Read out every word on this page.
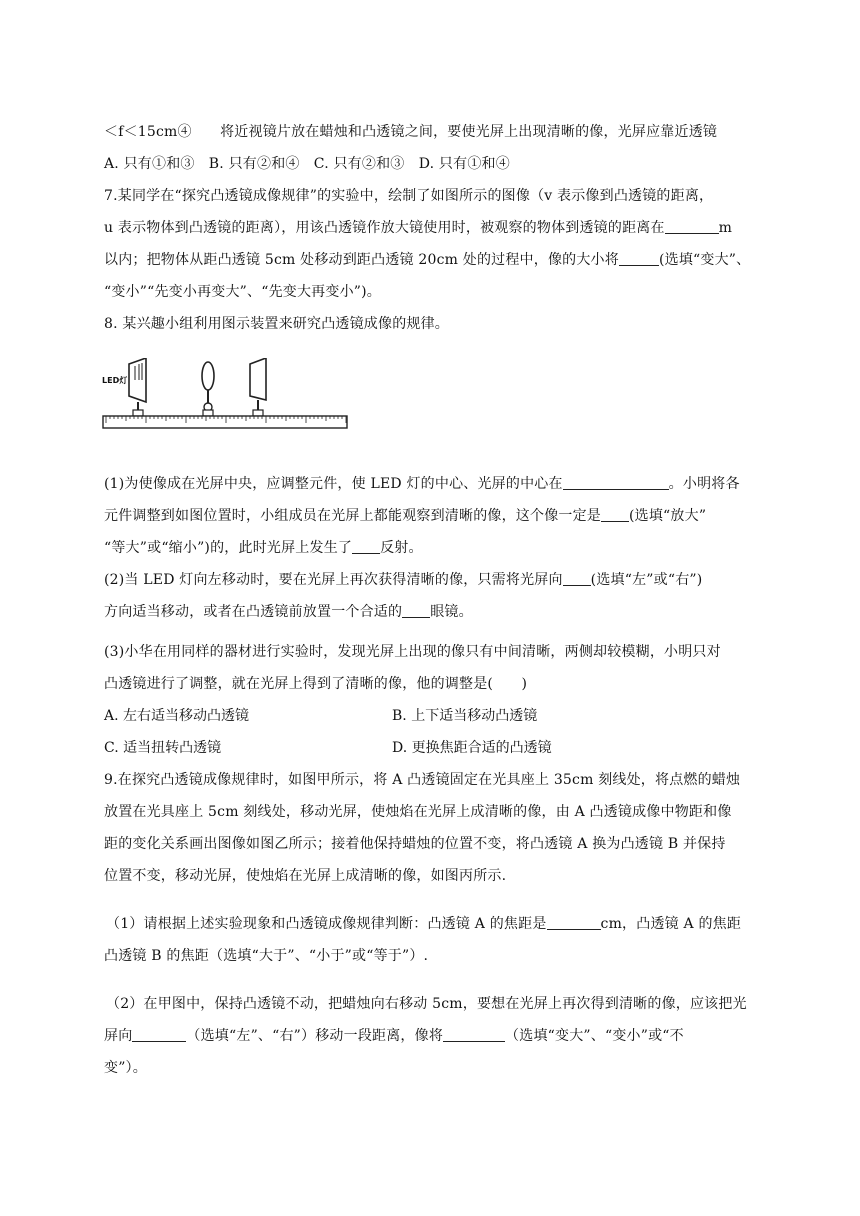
＜f＜15cm④　　将近视镜片放在蜡烛和凸透镜之间，要使光屏上出现清晰的像，光屏应靠近透镜
A. 只有①和③　B. 只有②和④　C. 只有②和③　D. 只有①和④
7.某同学在“探究凸透镜成像规律”的实验中，绘制了如图所示的图像（v 表示像到凸透镜的距离，
u 表示物体到凸透镜的距离），用该凸透镜作放大镜使用时，被观察的物体到透镜的距离在	m
以内；把物体从距凸透镜 5cm 处移动到距凸透镜 20cm 处的过程中，像的大小将	(选填“变大”、
“变小”“先变小再变大”、“先变大再变小”)。
8. 某兴趣小组利用图示装置来研究凸透镜成像的规律。
LED灯
(1)为使像成在光屏中央，应调整元件，使 LED 灯的中心、光屏的中心在	。小明将各
元件调整到如图位置时，小组成员在光屏上都能观察到清晰的像，这个像一定是 (选填“放大”
“等大”或“缩小”)的，此时光屏上发生了 反射。
(2)当 LED 灯向左移动时，要在光屏上再次获得清晰的像，只需将光屏向 (选填“左”或“右”)
方向适当移动，或者在凸透镜前放置一个合适的 眼镜。
(3)小华在用同样的器材进行实验时，发现光屏上出现的像只有中间清晰，两侧却较模糊，小明只对
凸透镜进行了调整，就在光屏上得到了清晰的像，他的调整是(　　)
A. 左右适当移动凸透镜	B. 上下适当移动凸透镜
C. 适当扭转凸透镜	D. 更换焦距合适的凸透镜
9.在探究凸透镜成像规律时，如图甲所示，将 A 凸透镜固定在光具座上 35cm 刻线处，将点燃的蜡烛
放置在光具座上 5cm 刻线处，移动光屏，使烛焰在光屏上成清晰的像，由 A 凸透镜成像中物距和像
距的变化关系画出图像如图乙所示；接着他保持蜡烛的位置不变，将凸透镜 A 换为凸透镜 B 并保持
位置不变，移动光屏，使烛焰在光屏上成清晰的像，如图丙所示.
（1）请根据上述实验现象和凸透镜成像规律判断：凸透镜 A 的焦距是	cm，凸透镜 A 的焦距
凸透镜 B 的焦距（选填“大于”、“小于”或“等于”）.
（2）在甲图中，保持凸透镜不动，把蜡烛向右移动 5cm，要想在光屏上再次得到清晰的像，应该把光
屏向	（选填“左”、“右”）移动一段距离，像将	（选填“变大”、“变小”或“不
变”）。
